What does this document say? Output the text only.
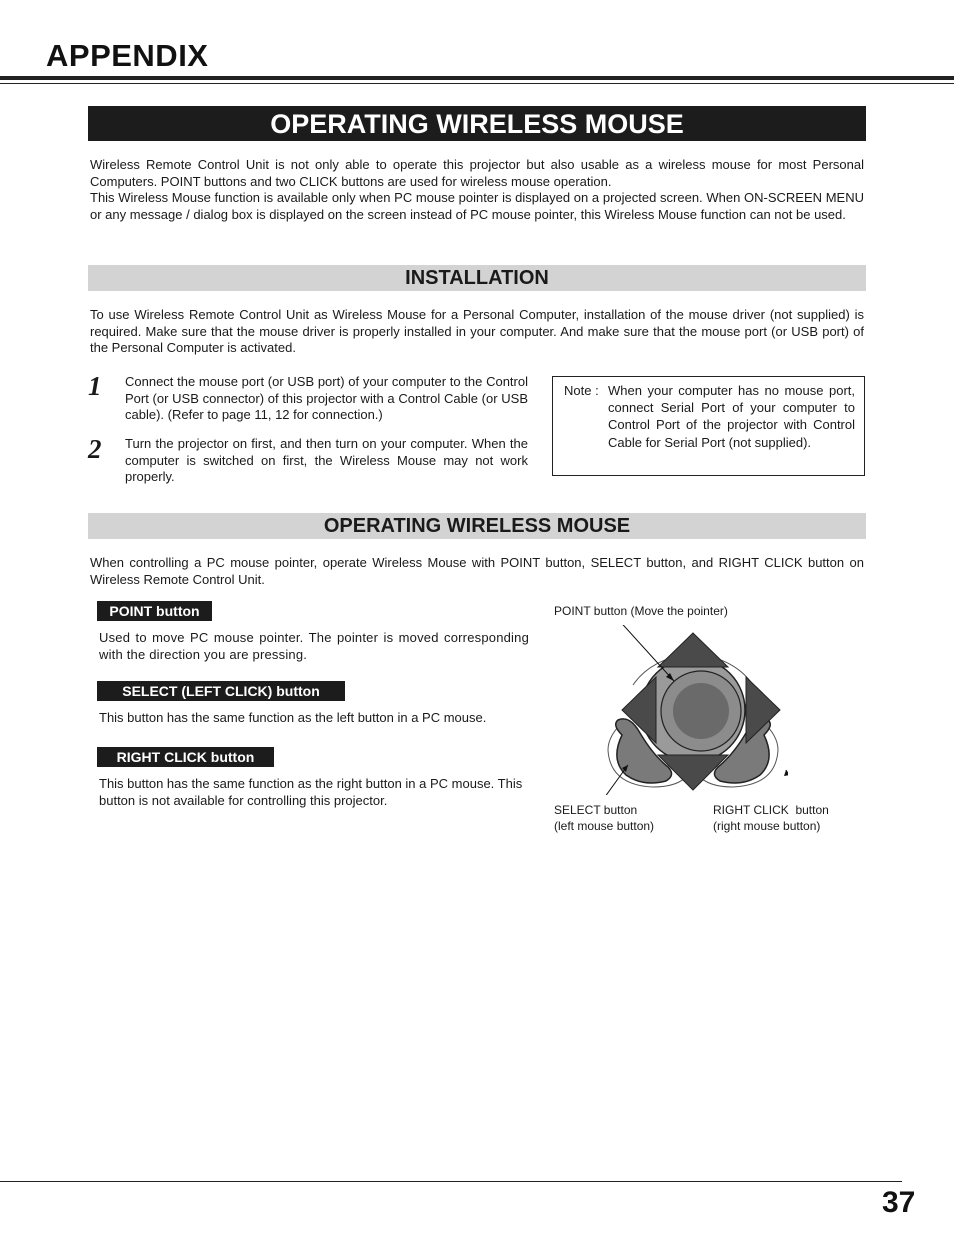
APPENDIX
OPERATING WIRELESS MOUSE
Wireless Remote Control Unit is not only able to operate this projector but also usable as a wireless mouse for most Personal Computers. POINT buttons and two CLICK buttons are used for wireless mouse operation.
This Wireless Mouse function is available only when PC mouse pointer is displayed on a projected screen. When ON-SCREEN MENU or any message / dialog box is displayed on the screen instead of PC mouse pointer, this Wireless Mouse function can not be used.
INSTALLATION
To use Wireless Remote Control Unit as Wireless Mouse for a Personal Computer, installation of the mouse driver (not supplied) is required. Make sure that the mouse driver is properly installed in your computer. And make sure that the mouse port (or USB port) of the Personal Computer is activated.
1 Connect the mouse port (or USB port) of your computer to the Control Port (or USB connector) of this projector with a Control Cable (or USB cable). (Refer to page 11, 12 for connection.)
2 Turn the projector on first, and then turn on your computer. When the computer is switched on first, the Wireless Mouse may not work properly.
Note : When your computer has no mouse port, connect Serial Port of your computer to Control Port of the projector with Control Cable for Serial Port (not supplied).
OPERATING WIRELESS MOUSE
When controlling a PC mouse pointer, operate Wireless Mouse with POINT button, SELECT button, and RIGHT CLICK button on Wireless Remote Control Unit.
POINT button
Used to move PC mouse pointer. The pointer is moved corresponding with the direction you are pressing.
SELECT (LEFT CLICK) button
This button has the same function as the left button in a PC mouse.
RIGHT CLICK button
This button has the same function as the right button in a PC mouse. This button is not available for controlling this projector.
POINT button (Move the pointer)
SELECT button
(left mouse button)
RIGHT CLICK  button
(right mouse button)
37
